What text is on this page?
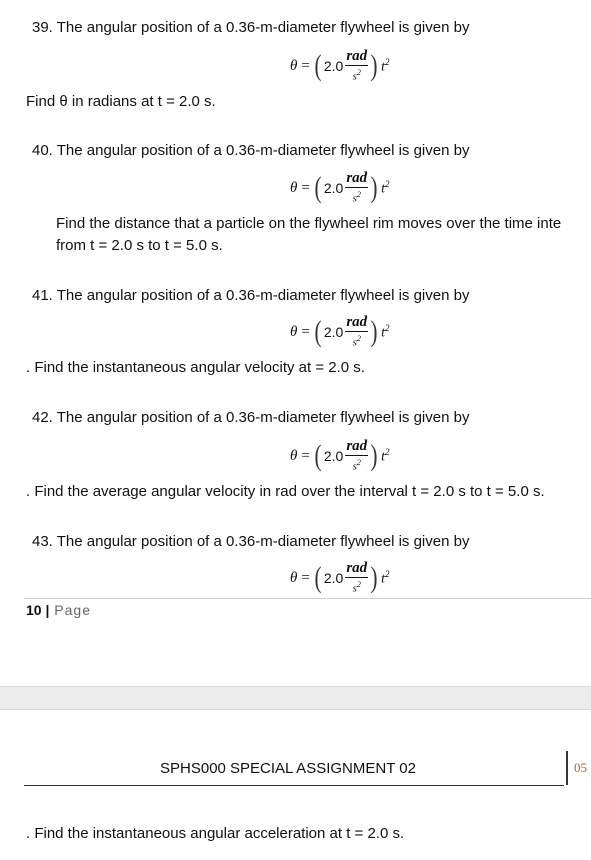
39. The angular position of a 0.36-m-diameter flywheel is given by
θ = ( $2.0 \frac{\text{rad}}{s^2}$ ) $t^2$
Find θ in radians at t = 2.0 s.
40. The angular position of a 0.36-m-diameter flywheel is given by
θ = ( $2.0 \frac{\text{rad}}{s^2}$ ) $t^2$
Find the distance that a particle on the flywheel rim moves over the time inte
from t = 2.0 s to t = 5.0 s.
41. The angular position of a 0.36-m-diameter flywheel is given by
θ = ( $2.0 \frac{\text{rad}}{s^2}$ ) $t^2$
. Find the instantaneous angular velocity at = 2.0 s.
42. The angular position of a 0.36-m-diameter flywheel is given by
θ = ( $2.0 \frac{\text{rad}}{s^2}$ ) $t^2$
. Find the average angular velocity in rad over the interval t = 2.0 s to t = 5.0 s.
43. The angular position of a 0.36-m-diameter flywheel is given by
θ = ( $2.0 \frac{\text{rad}}{s^2}$ ) $t^2$
10 | Page
SPHS000 SPECIAL ASSIGNMENT 02	05
. Find the instantaneous angular acceleration at t = 2.0 s.
